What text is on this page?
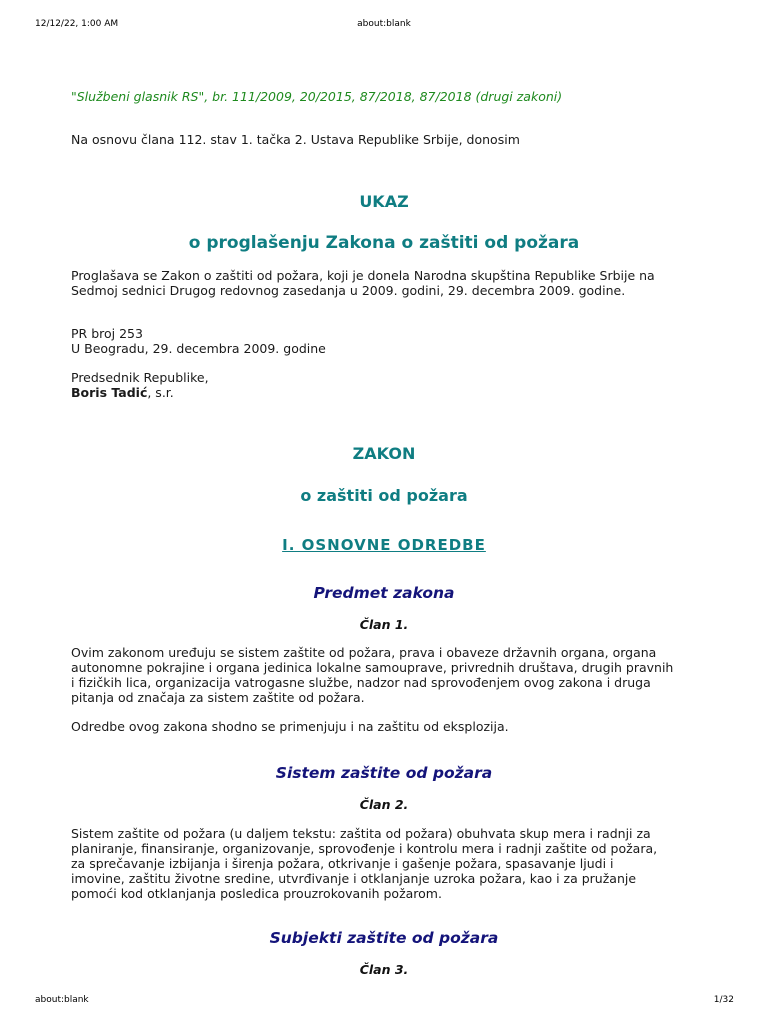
12/12/22, 1:00 AM	about:blank
"Službeni glasnik RS", br. 111/2009, 20/2015, 87/2018, 87/2018 (drugi zakoni)
Na osnovu člana 112. stav 1. tačka 2. Ustava Republike Srbije, donosim
UKAZ
o proglašenju Zakona o zaštiti od požara

Proglašava se Zakon o zaštiti od požara, koji je donela Narodna skupština Republike Srbije na

Sedmoj sednici Drugog redovnog zasedanja u 2009. godini, 29. decembra 2009. godine.

PR broj 253
U Beogradu, 29. decembra 2009. godine
Predsednik Republike,
Boris Tadić, s.r.
ZAKON
o zaštiti od požara
I. OSNOVNE ODREDBE
Predmet zakona
Član 1.

Ovim zakonom uređuju se sistem zaštite od požara, prava i obaveze državnih organa, organa

autonomne pokrajine i organa jedinica lokalne samouprave, privrednih društava, drugih pravnih

i fizičkih lica, organizacija vatrogasne službe, nadzor nad sprovođenjem ovog zakona i druga

pitanja od značaja za sistem zaštite od požara.

Odredbe ovog zakona shodno se primenjuju i na zaštitu od eksplozija.
Sistem zaštite od požara
Član 2.

Sistem zaštite od požara (u daljem tekstu: zaštita od požara) obuhvata skup mera i radnji za

planiranje, finansiranje, organizovanje, sprovođenje i kontrolu mera i radnji zaštite od požara,

za sprečavanje izbijanja i širenja požara, otkrivanje i gašenje požara, spasavanje ljudi i

imovine, zaštitu životne sredine, utvrđivanje i otklanjanje uzroka požara, kao i za pružanje

pomoći kod otklanjanja posledica prouzrokovanih požarom.

Subjekti zaštite od požara
Član 3.
about:blank	1/32
